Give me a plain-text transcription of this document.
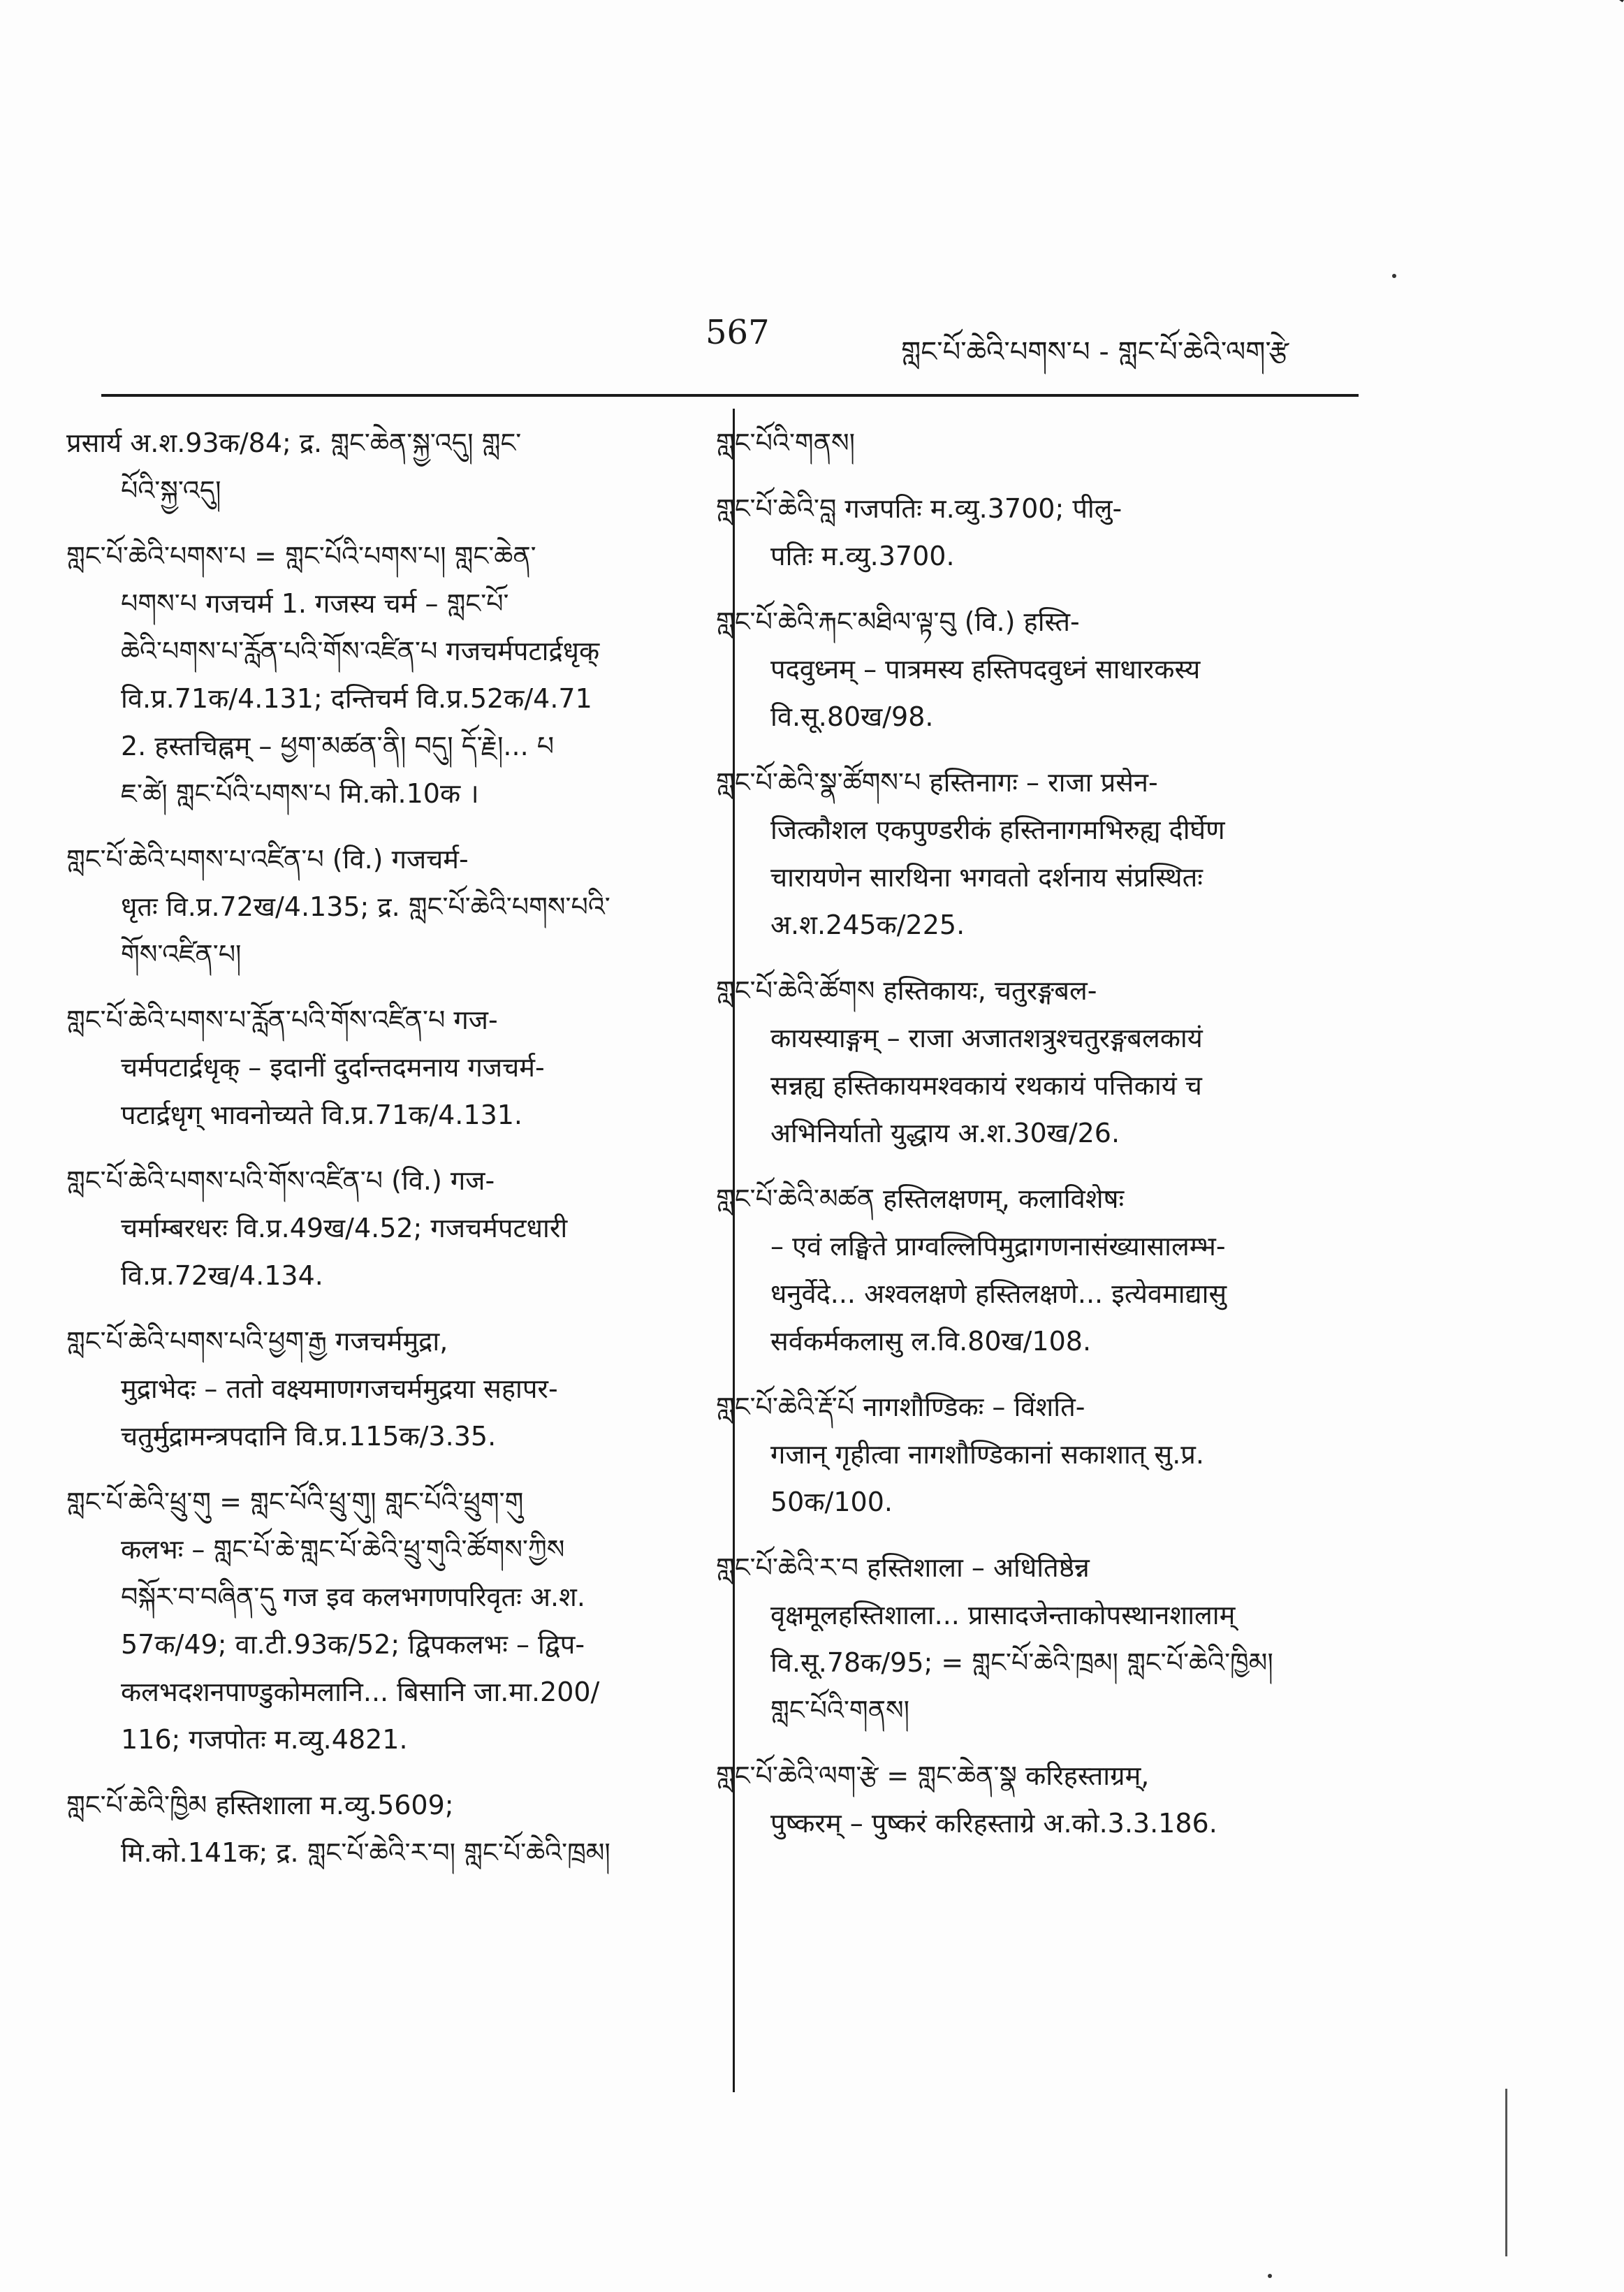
567	གླང་པོ་ཆེའི་པགས་པ - གླང་པོ་ཆེའི་ལག་རྩེ
प्रसार्य अ.श.93क/84; द्र. གླང་ཆེན་སྐྱ་འདུ། གླང་
པོའི་སྐྱ་འདུ།
གླང་པོ་ཆེའི་པགས་པ = གླང་པོའི་པགས་པ། གླང་ཆེན་
པགས་པ गजचर्म 1. गजस्य चर्म – གླང་པོ་
ཆེའི་པགས་པ་རློན་པའི་གོས་འཛིན་པ गजचर्मपटार्द्रधृक्
वि.प्र.71क/4.131; दन्तिचर्म वि.प्र.52क/4.71
2. हस्तचिह्नम् – ཕྱག་མཚན་ནི། བདུ། དོ་རྗེ།... པ
ཇ་ཚེ། གླང་པོའི་པགས་པ मि.को.10क ।
གླང་པོ་ཆེའི་པགས་པ་འཛིན་པ (वि.) गजचर्म-
धृतः वि.प्र.72ख/4.135; द्र. གླང་པོ་ཆེའི་པགས་པའི་
གོས་འཛིན་པ།
གླང་པོ་ཆེའི་པགས་པ་རློན་པའི་གོས་འཛིན་པ गज-
चर्मपटार्द्रधृक् – इदानीं दुर्दान्तदमनाय गजचर्म-
पटार्द्रधृग् भावनोच्यते वि.प्र.71क/4.131.
གླང་པོ་ཆེའི་པགས་པའི་གོས་འཛིན་པ (वि.) गज-
चर्माम्बरधरः वि.प्र.49ख/4.52; गजचर्मपटधारी
वि.प्र.72ख/4.134.
གླང་པོ་ཆེའི་པགས་པའི་ཕྱག་རྒྱ गजचर्ममुद्रा,
मुद्राभेदः – ततो वक्ष्यमाणगजचर्ममुद्रया सहापर-
चतुर्मुद्रामन्त्रपदानि वि.प्र.115क/3.35.
གླང་པོ་ཆེའི་ཕྲུ་གུ = གླང་པོའི་ཕྲུ་གུ། གླང་པོའི་ཕྲུག་གུ
कलभः – གླང་པོ་ཆེ་གླང་པོ་ཆེའི་ཕྲུ་གུའི་ཚོགས་ཀྱིས
བསྐོར་བ་བཞིན་དུ गज इव कलभगणपरिवृतः अ.श.
57क/49; वा.टी.93क/52; द्विपकलभः – द्विप-
कलभदशनपाण्डुकोमलानि... बिसानि जा.मा.200/
116; गजपोतः म.व्यु.4821.
གླང་པོ་ཆེའི་ཁྱིམ हस्तिशाला म.व्यु.5609;
मि.को.141क; द्र. གླང་པོ་ཆེའི་ར་བ། གླང་པོ་ཆེའི་ཁྲམ།
གླང་པོའི་གནས།
གླང་པོ་ཆེའི་བླ गजपतिः म.व्यु.3700; पीलु-
पतिः म.व्यु.3700.
གླང་པོ་ཆེའི་རྐང་མཐིལ་ལྟ་བུ (वि.) हस्ति-
पदवुध्नम् – पात्रमस्य हस्तिपदवुध्नं साधारकस्य
वि.सू.80ख/98.
གླང་པོ་ཆེའི་སྣ་ཚོགས་པ हस्तिनागः – राजा प्रसेन-
जित्कौशल एकपुण्डरीकं हस्तिनागमभिरुह्य दीर्घेण
चारायणेन सारथिना भगवतो दर्शनाय संप्रस्थितः
अ.श.245क/225.
གླང་པོ་ཆེའི་ཚོགས हस्तिकायः, चतुरङ्गबल-
कायस्याङ्गम् – राजा अजातशत्रुश्चतुरङ्गबलकायं
सन्नह्य हस्तिकायमश्वकायं रथकायं पत्तिकायं च
अभिनिर्यातो युद्धाय अ.श.30ख/26.
གླང་པོ་ཆེའི་མཚན हस्तिलक्षणम्, कलाविशेषः
– एवं लङ्घिते प्राग्वल्लिपिमुद्रागणनासंख्यासालम्भ-
धनुर्वेदे... अश्वलक्षणे हस्तिलक्षणे... इत्येवमाद्यासु
सर्वकर्मकलासु ल.वि.80ख/108.
གླང་པོ་ཆེའི་རྡོ་པོ नागशौण्डिकः – विंशति-
गजान् गृहीत्वा नागशौण्डिकानां सकाशात् सु.प्र.
50क/100.
གླང་པོ་ཆེའི་ར་བ हस्तिशाला – अधितिष्ठेन्न
वृक्षमूलहस्तिशाला... प्रासादजेन्ताकोपस्थानशालाम्
वि.सू.78क/95; = གླང་པོ་ཆེའི་ཁྲམ། གླང་པོ་ཆེའི་ཁྱིམ།
གླང་པོའི་གནས།
གླང་པོ་ཆེའི་ལག་རྩེ = གླང་ཆེན་སྣ करिहस्ताग्रम्,
पुष्करम् – पुष्करं करिहस्ताग्रे अ.को.3.3.186.
